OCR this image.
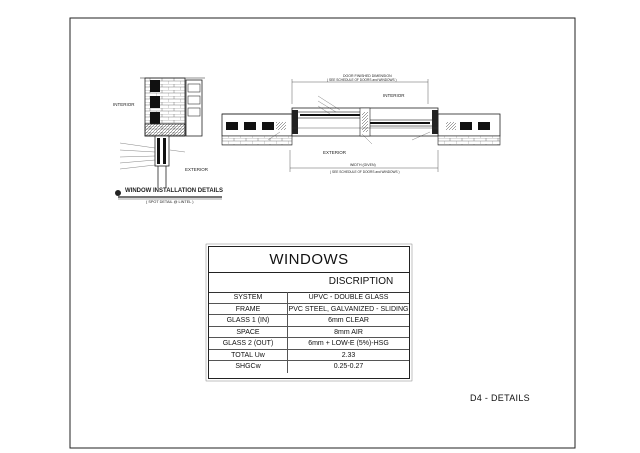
INTERIOR
EXTERIOR
INTERIOR
EXTERIOR
DOOR FINISHED DIMENSION
( SEE SCHEDULE OF DOORS and WINDOWS )
WIDTH (GIVEN)
( SEE SCHEDULE OF DOORS and WINDOWS )
WINDOW INSTALLATION DETAILS
( SPOT DETAIL @ LINTEL )
WINDOWS
DISCRIPTION
SYSTEM	UPVC - DOUBLE GLASS
FRAME	PVC STEEL, GALVANIZED - SLIDING
GLASS 1 (IN)	6mm CLEAR
SPACE	8mm AIR
GLASS 2 (OUT)	6mm + LOW-E (5%)-HSG
TOTAL Uw	2.33
SHGCw	0.25-0.27
D4 - DETAILS
